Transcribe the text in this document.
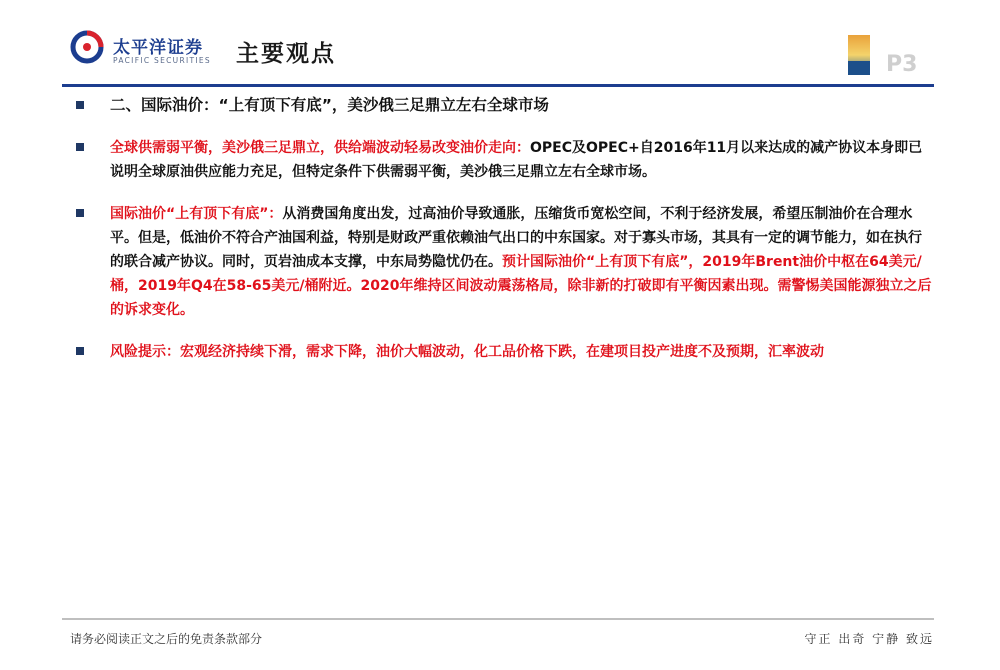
太平洋证券
PACIFIC SECURITIES 主要观点	P3
二、国际油价：“上有顶下有底”，美沙俄三足鼎立左右全球市场
全球供需弱平衡，美沙俄三足鼎立，供给端波动轻易改变油价走向：OPEC及OPEC+自2016年11月以来达成的减产协议本身即已说明全球原油供应能力充足，但特定条件下供需弱平衡，美沙俄三足鼎立左右全球市场。
国际油价“上有顶下有底”：从消费国角度出发，过高油价导致通胀，压缩货币宽松空间，不利于经济发展，希望压制油价在合理水平。但是，低油价不符合产油国利益，特别是财政严重依赖油气出口的中东国家。对于寡头市场，其具有一定的调节能力，如在执行的联合减产协议。同时，页岩油成本支撑，中东局势隐忧仍在。预计国际油价“上有顶下有底”，2019年Brent油价中枢在64美元/桶，2019年Q4在58-65美元/桶附近。2020年维持区间波动震荡格局，除非新的打破即有平衡因素出现。需警惕美国能源独立之后的诉求变化。
风险提示：宏观经济持续下滑，需求下降，油价大幅波动，化工品价格下跌，在建项目投产进度不及预期，汇率波动
请务必阅读正文之后的免责条款部分	守正 出奇 宁静 致远
